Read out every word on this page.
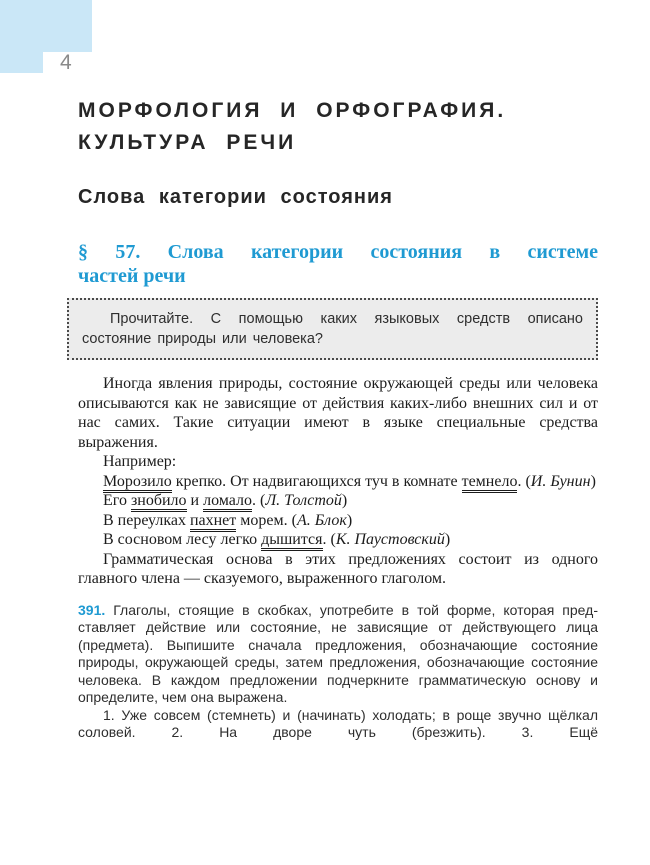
4
МОРФОЛОГИЯ И ОРФОГРАФИЯ.
КУЛЬТУРА РЕЧИ
Слова категории состояния
§ 57. Слова категории состояния в системе
частей речи

Прочитайте. С помощью каких языковых средств описано состояние природы или человека?

Иногда явления природы, состояние окружающей среды или человека описываются как не зависящие от действия каких-либо внешних сил и от нас самих. Такие ситуации имеют в языке специальные средства выражения.

Например:

Морозило крепко. От надвигающихся туч в комнате темнело. (И. Бунин)

Его знобило и ломало. (Л. Толстой)

В переулках пахнет морем. (А. Блок)

В сосновом лесу легко дышится. (К. Паустовский)

Грамматическая основа в этих предложениях состоит из одного главного члена — сказуемого, выраженного глаголом.

391. Глаголы, стоящие в скобках, употребите в той форме, которая представляет действие или состояние, не зависящие от действующего лица (предмета). Выпишите сначала предложения, обозначающие состояние природы, окружающей среды, затем предложения, обозначающие состояние человека. В каждом предложении подчеркните грамматическую основу и определите, чем она выражена.

1. Уже совсем (стемнеть) и (начинать) холодать; в роще звучно щёлкал соловей. 2. На дворе чуть (брезжить). 3. Ещё
